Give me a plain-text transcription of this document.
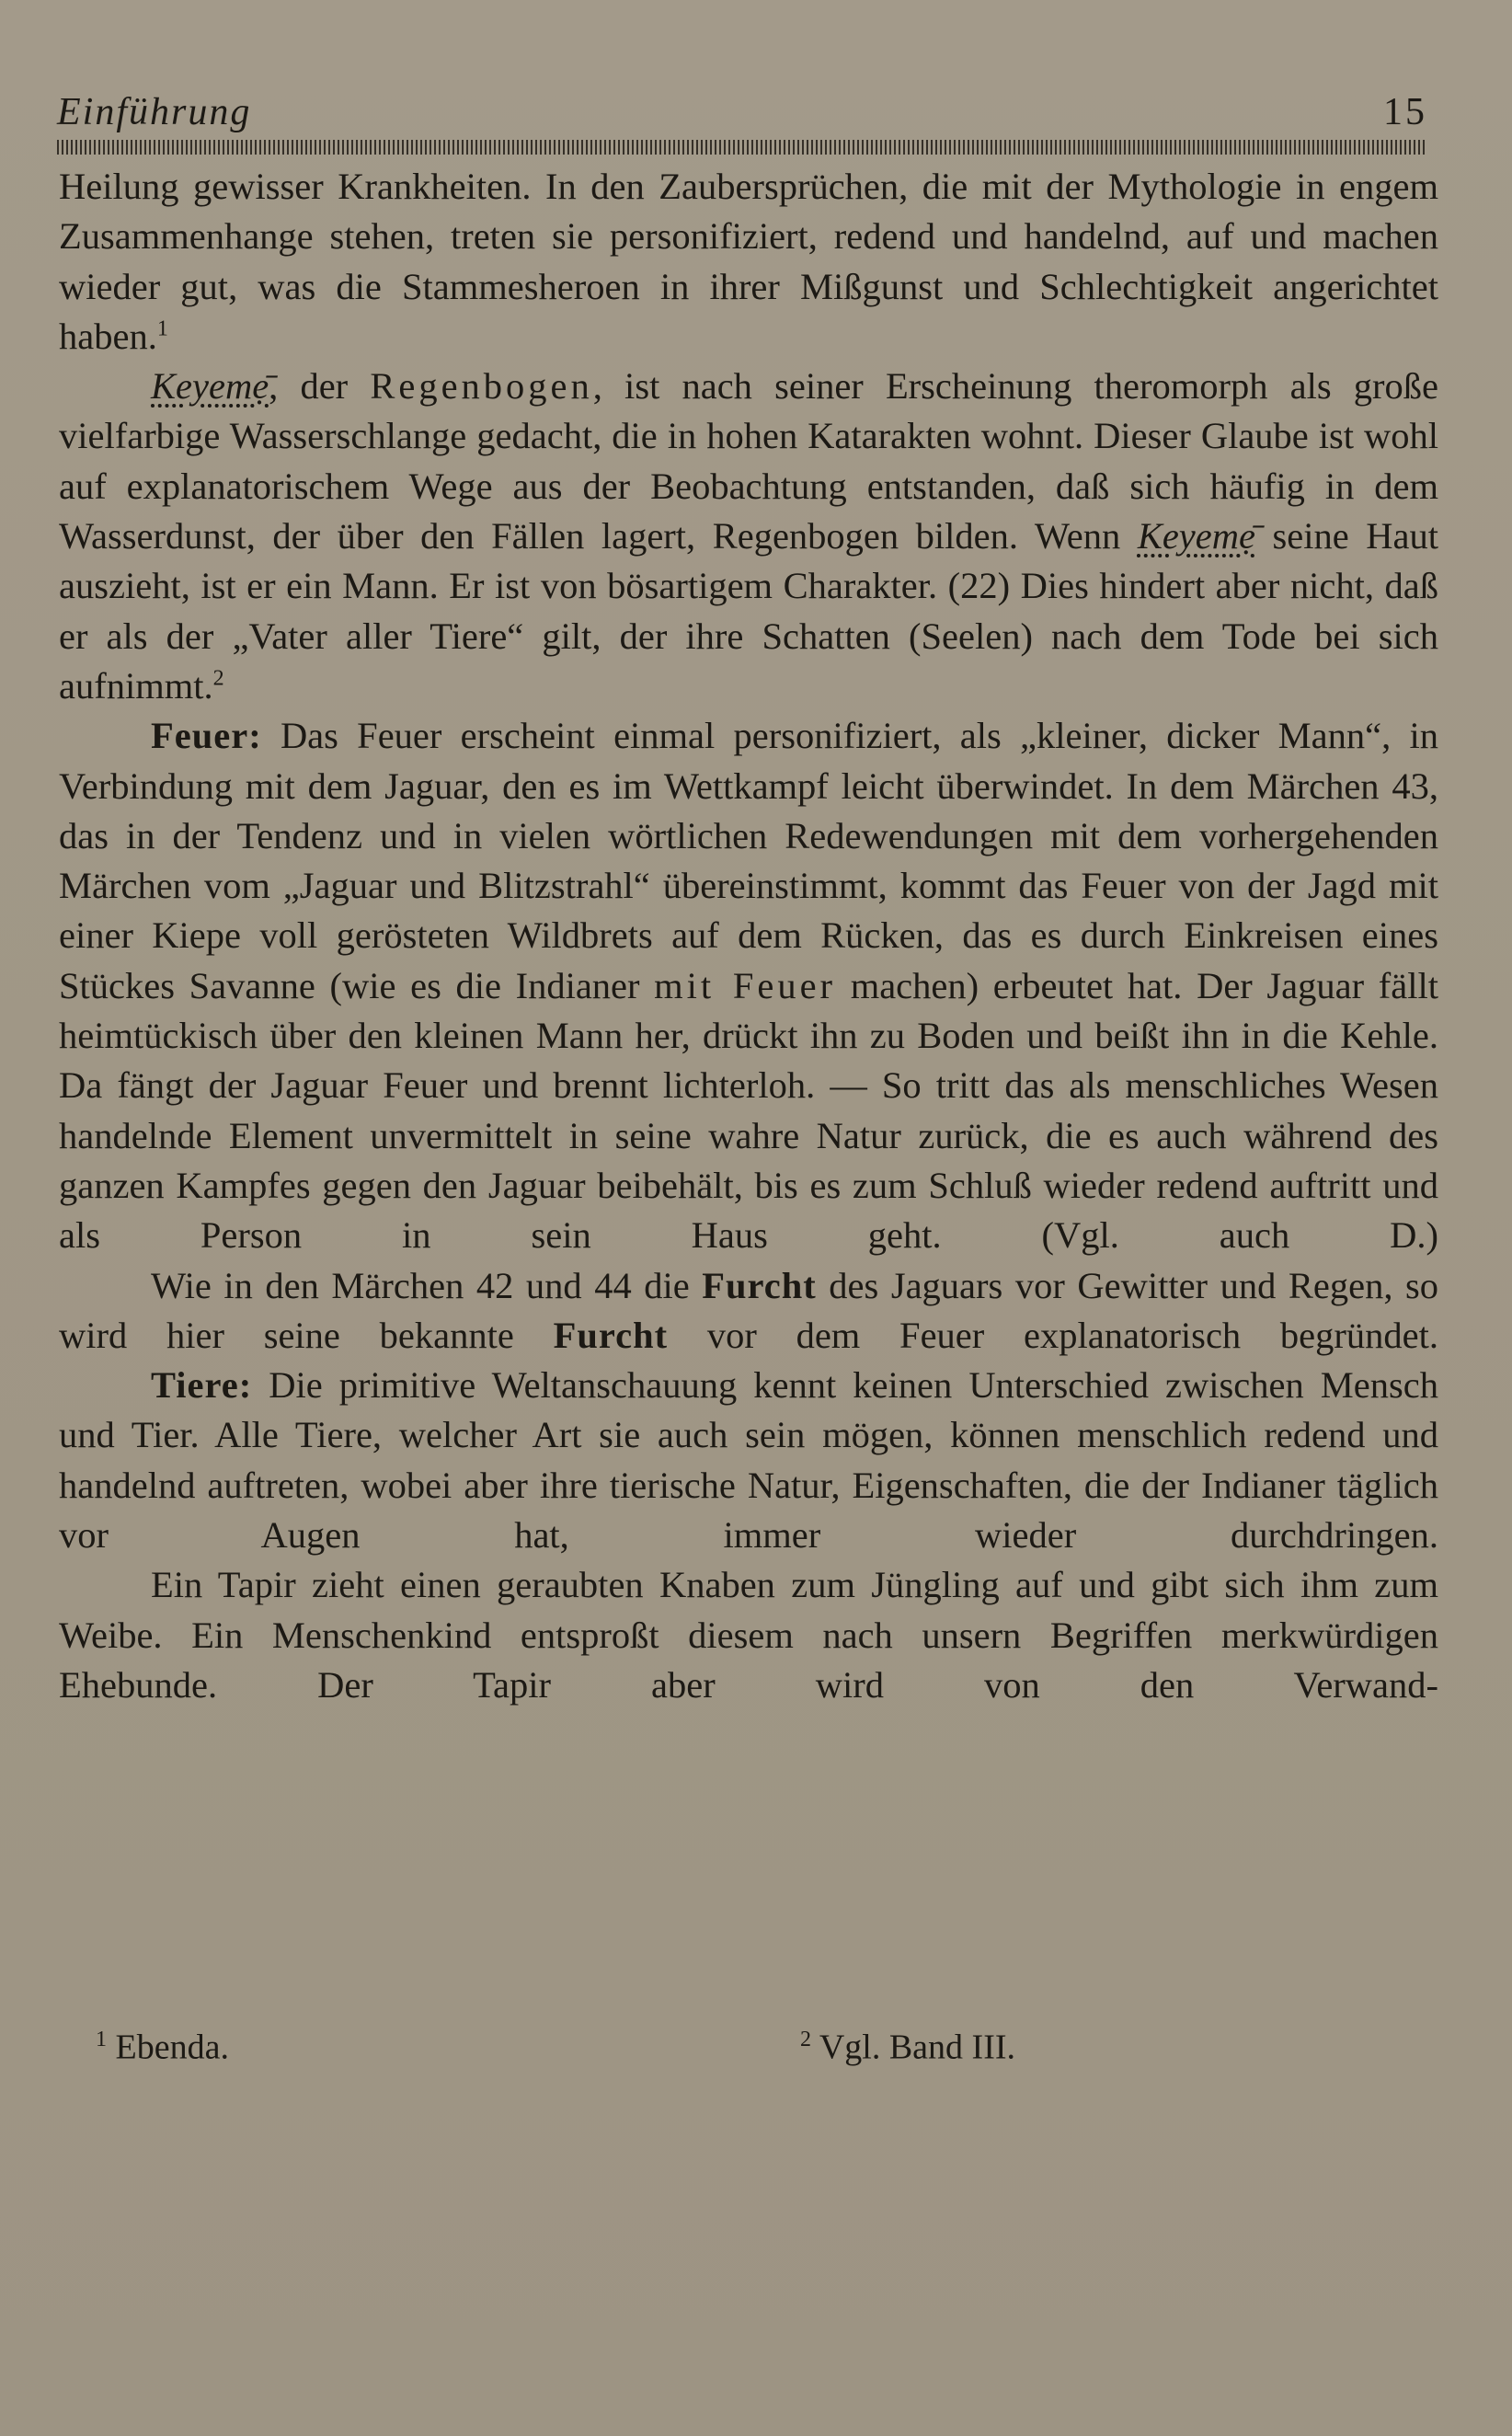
Einführung	15

Heilung gewisser Krankheiten. In den Zaubersprüchen, die mit der Mythologie in engem Zusammenhange stehen, treten sie personifiziert, redend und handelnd, auf und machen wieder gut, was die Stammesheroen in ihrer Mißgunst und Schlechtigkeit angerichtet haben.$^1$

Keyemẹ̄, der Regenbogen, ist nach seiner Erscheinung theromorph als große vielfarbige Wasserschlange gedacht, die in hohen Katarakten wohnt. Dieser Glaube ist wohl auf explanatorischem Wege aus der Beobachtung entstanden, daß sich häufig in dem Wasserdunst, der über den Fällen lagert, Regenbogen bilden. Wenn Keyemẹ̄ seine Haut auszieht, ist er ein Mann. Er ist von bösartigem Charakter. (22) Dies hindert aber nicht, daß er als der „Vater aller Tiere“ gilt, der ihre Schatten (Seelen) nach dem Tode bei sich aufnimmt.$^2$

Feuer: Das Feuer erscheint einmal personifiziert, als „kleiner, dicker Mann“, in Verbindung mit dem Jaguar, den es im Wettkampf leicht überwindet. In dem Märchen 43, das in der Tendenz und in vielen wörtlichen Redewendungen mit dem vorhergehenden Märchen vom „Jaguar und Blitzstrahl“ übereinstimmt, kommt das Feuer von der Jagd mit einer Kiepe voll gerösteten Wildbrets auf dem Rücken, das es durch Einkreisen eines Stückes Savanne (wie es die Indianer mit Feuer machen) erbeutet hat. Der Jaguar fällt heimtückisch über den kleinen Mann her, drückt ihn zu Boden und beißt ihn in die Kehle. Da fängt der Jaguar Feuer und brennt lichterloh. — So tritt das als menschliches Wesen handelnde Element unvermittelt in seine wahre Natur zurück, die es auch während des ganzen Kampfes gegen den Jaguar beibehält, bis es zum Schluß wieder redend auftritt und als Person in sein Haus geht. (Vgl. auch D.)

Wie in den Märchen 42 und 44 die Furcht des Jaguars vor Gewitter und Regen, so wird hier seine bekannte Furcht vor dem Feuer explanatorisch begründet.

Tiere: Die primitive Weltanschauung kennt keinen Unterschied zwischen Mensch und Tier. Alle Tiere, welcher Art sie auch sein mögen, können menschlich redend und handelnd auftreten, wobei aber ihre tierische Natur, Eigenschaften, die der Indianer täglich vor Augen hat, immer wieder durchdringen.

Ein Tapir zieht einen geraubten Knaben zum Jüngling auf und gibt sich ihm zum Weibe. Ein Menschenkind entsproßt diesem nach unsern Begriffen merkwürdigen Ehebunde. Der Tapir aber wird von den Verwand-

$^1$ Ebenda.	$^2$ Vgl. Band III.
